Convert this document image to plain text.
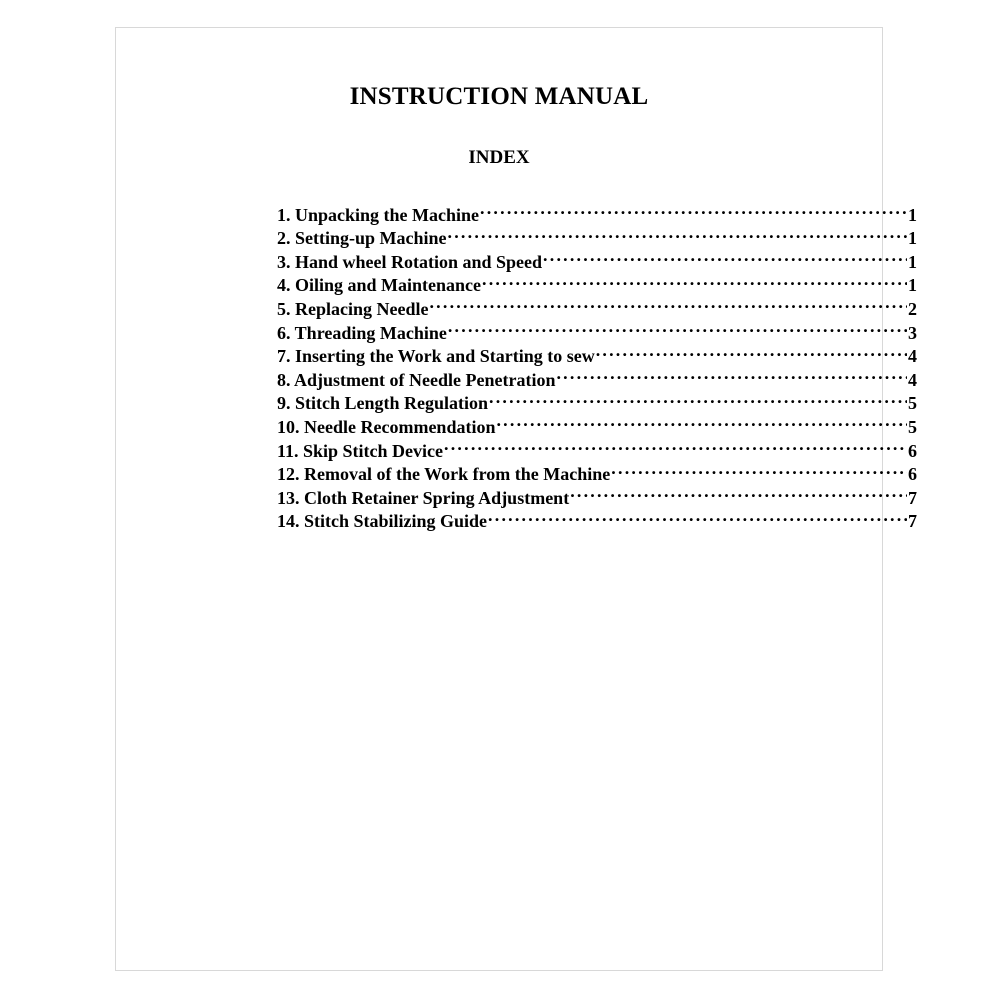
INSTRUCTION MANUAL
INDEX
1. Unpacking the Machine .....	1
2. Setting-up Machine .....	1
3. Hand wheel Rotation and Speed .....	1
4. Oiling and Maintenance .....	1
5. Replacing Needle .....	2
6. Threading Machine .....	3
7. Inserting the Work and Starting to sew .....	4
8. Adjustment of Needle Penetration .....	4
9. Stitch Length Regulation .....	5
10. Needle Recommendation .....	5
11. Skip Stitch Device .....	6
12. Removal of the Work from the Machine .....	6
13. Cloth Retainer Spring Adjustment .....	7
14. Stitch Stabilizing Guide .....	7
